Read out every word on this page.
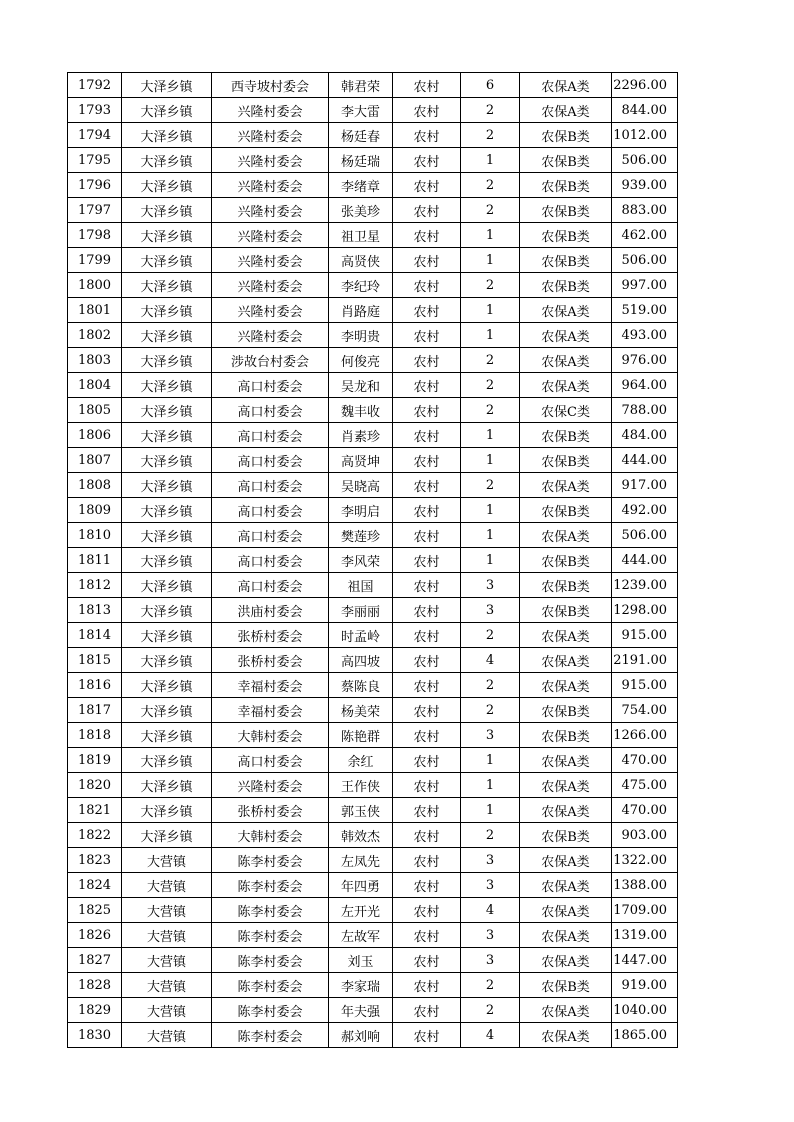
1792	大泽乡镇	西寺坡村委会	韩君荣	农村	6	农保A类	2296.00
1793	大泽乡镇	兴隆村委会	李大雷	农村	2	农保A类	844.00
1794	大泽乡镇	兴隆村委会	杨廷春	农村	2	农保B类	1012.00
1795	大泽乡镇	兴隆村委会	杨廷瑞	农村	1	农保B类	506.00
1796	大泽乡镇	兴隆村委会	李绪章	农村	2	农保B类	939.00
1797	大泽乡镇	兴隆村委会	张美珍	农村	2	农保B类	883.00
1798	大泽乡镇	兴隆村委会	祖卫星	农村	1	农保B类	462.00
1799	大泽乡镇	兴隆村委会	高贤侠	农村	1	农保B类	506.00
1800	大泽乡镇	兴隆村委会	李纪玲	农村	2	农保B类	997.00
1801	大泽乡镇	兴隆村委会	肖路庭	农村	1	农保A类	519.00
1802	大泽乡镇	兴隆村委会	李明贵	农村	1	农保A类	493.00
1803	大泽乡镇	涉故台村委会	何俊亮	农村	2	农保A类	976.00
1804	大泽乡镇	高口村委会	吴龙和	农村	2	农保A类	964.00
1805	大泽乡镇	高口村委会	魏丰收	农村	2	农保C类	788.00
1806	大泽乡镇	高口村委会	肖素珍	农村	1	农保B类	484.00
1807	大泽乡镇	高口村委会	高贤坤	农村	1	农保B类	444.00
1808	大泽乡镇	高口村委会	吴晓高	农村	2	农保A类	917.00
1809	大泽乡镇	高口村委会	李明启	农村	1	农保B类	492.00
1810	大泽乡镇	高口村委会	樊莲珍	农村	1	农保A类	506.00
1811	大泽乡镇	高口村委会	李风荣	农村	1	农保B类	444.00
1812	大泽乡镇	高口村委会	祖国	农村	3	农保B类	1239.00
1813	大泽乡镇	洪庙村委会	李丽丽	农村	3	农保B类	1298.00
1814	大泽乡镇	张桥村委会	时孟岭	农村	2	农保A类	915.00
1815	大泽乡镇	张桥村委会	高四坡	农村	4	农保A类	2191.00
1816	大泽乡镇	幸福村委会	蔡陈良	农村	2	农保A类	915.00
1817	大泽乡镇	幸福村委会	杨美荣	农村	2	农保B类	754.00
1818	大泽乡镇	大韩村委会	陈艳群	农村	3	农保B类	1266.00
1819	大泽乡镇	高口村委会	余红	农村	1	农保A类	470.00
1820	大泽乡镇	兴隆村委会	王作侠	农村	1	农保A类	475.00
1821	大泽乡镇	张桥村委会	郭玉侠	农村	1	农保A类	470.00
1822	大泽乡镇	大韩村委会	韩效杰	农村	2	农保B类	903.00
1823	大营镇	陈李村委会	左凤先	农村	3	农保A类	1322.00
1824	大营镇	陈李村委会	年四勇	农村	3	农保A类	1388.00
1825	大营镇	陈李村委会	左开光	农村	4	农保A类	1709.00
1826	大营镇	陈李村委会	左故军	农村	3	农保A类	1319.00
1827	大营镇	陈李村委会	刘玉	农村	3	农保A类	1447.00
1828	大营镇	陈李村委会	李家瑞	农村	2	农保B类	919.00
1829	大营镇	陈李村委会	年夫强	农村	2	农保A类	1040.00
1830	大营镇	陈李村委会	郝刘响	农村	4	农保A类	1865.00
